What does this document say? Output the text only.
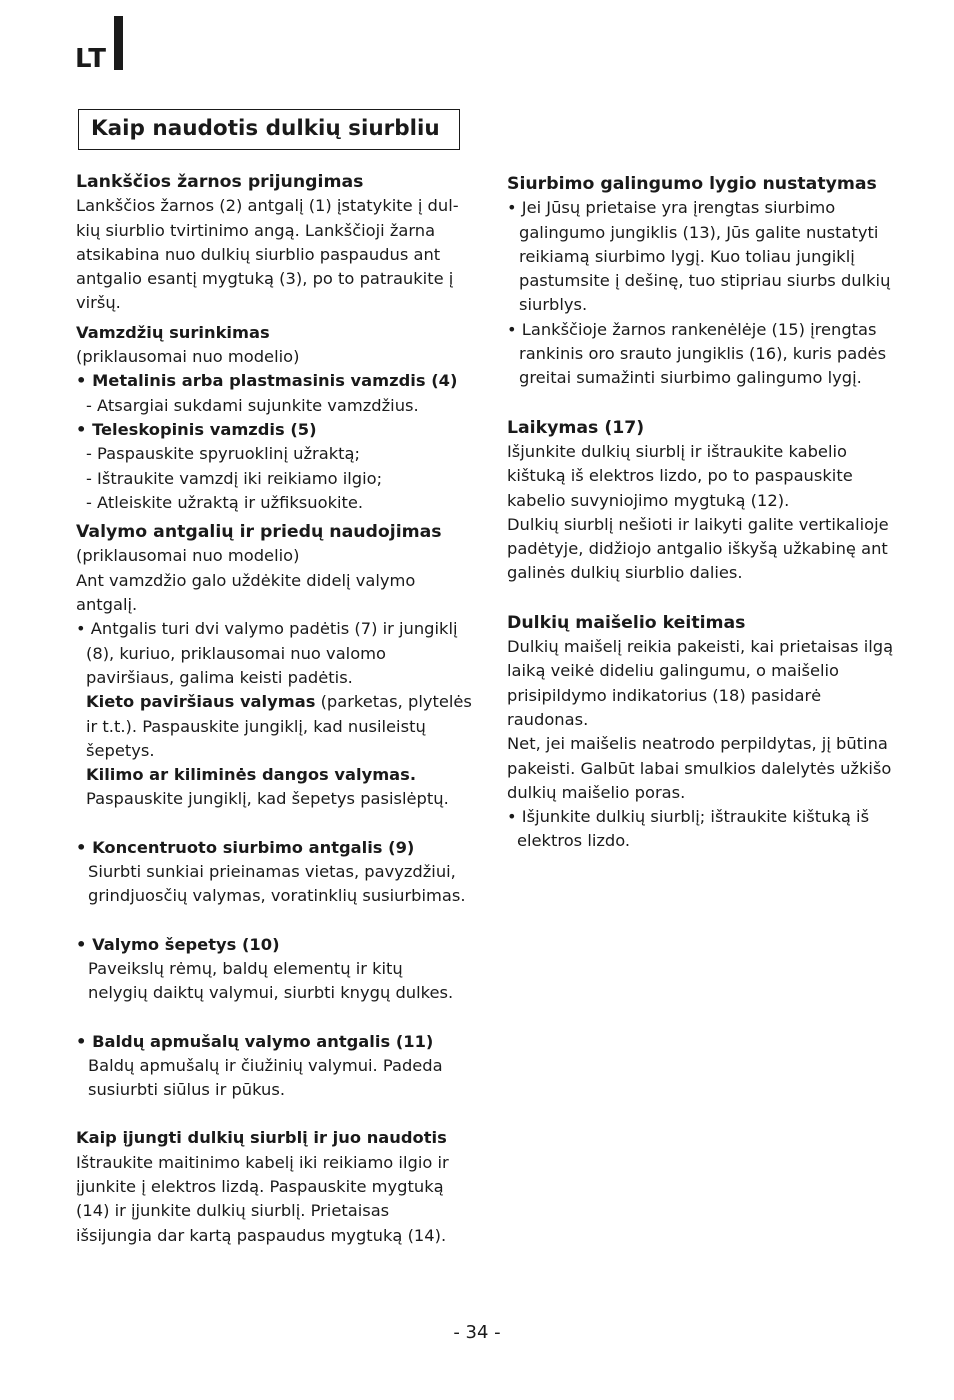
LT
Kaip naudotis dulkių siurbliu

Lankščios žarnos prijungimas

Lankščios žarnos (2) antgalį (1) įstatykite į dul-

kių siurblio tvirtinimo angą. Lankščioji žarna

atsikabina nuo dulkių siurblio paspaudus ant

antgalio esantį mygtuką (3), po to patraukite į

viršų.

Vamzdžių surinkimas

(priklausomai nuo modelio)

• Metalinis arba plastmasinis vamzdis (4)

- Atsargiai sukdami sujunkite vamzdžius.

• Teleskopinis vamzdis (5)

- Paspauskite spyruoklinį užraktą;

- Ištraukite vamzdį iki reikiamo ilgio;

- Atleiskite užraktą ir užfiksuokite.

Valymo antgalių ir priedų naudojimas

(priklausomai nuo modelio)

Ant vamzdžio galo uždėkite didelį valymo

antgalį.

• Antgalis turi dvi valymo padėtis (7) ir jungiklį

(8), kuriuo, priklausomai nuo valomo

paviršiaus, galima keisti padėtis.

Kieto paviršiaus valymas (parketas, plytelės

ir t.t.). Paspauskite jungiklį, kad nusileistų

šepetys.

Kilimo ar kiliminės dangos valymas.

Paspauskite jungiklį, kad šepetys pasislėptų.

• Koncentruoto siurbimo antgalis (9)

Siurbti sunkiai prieinamas vietas, pavyzdžiui,

grindjuosčių valymas, voratinklių susiurbimas.

• Valymo šepetys (10)

Paveikslų rėmų, baldų elementų ir kitų

nelygių daiktų valymui, siurbti knygų dulkes.

• Baldų apmušalų valymo antgalis (11)

Baldų apmušalų ir čiužinių valymui. Padeda

susiurbti siūlus ir pūkus.

Kaip įjungti dulkių siurblį ir juo naudotis

Ištraukite maitinimo kabelį iki reikiamo ilgio ir

įjunkite į elektros lizdą. Paspauskite mygtuką

(14) ir įjunkite dulkių siurblį. Prietaisas

išsijungia dar kartą paspaudus mygtuką (14).

Siurbimo galingumo lygio nustatymas

• Jei Jūsų prietaise yra įrengtas siurbimo

galingumo jungiklis (13), Jūs galite nustatyti

reikiamą siurbimo lygį. Kuo toliau jungiklį

pastumsite į dešinę, tuo stipriau siurbs dulkių

siurblys.

• Lankščioje žarnos rankenėlėje (15) įrengtas

rankinis oro srauto jungiklis (16), kuris padės

greitai sumažinti siurbimo galingumo lygį.

Laikymas (17)

Išjunkite dulkių siurblį ir ištraukite kabelio

kištuką iš elektros lizdo, po to paspauskite

kabelio suvyniojimo mygtuką (12).

Dulkių siurblį nešioti ir laikyti galite vertikalioje

padėtyje, didžiojo antgalio iškyšą užkabinę ant

galinės dulkių siurblio dalies.

Dulkių maišelio keitimas

Dulkių maišelį reikia pakeisti, kai prietaisas ilgą

laiką veikė dideliu galingumu, o maišelio

prisipildymo indikatorius (18) pasidarė

raudonas.

Net, jei maišelis neatrodo perpildytas, jį būtina

pakeisti. Galbūt labai smulkios dalelytės užkišo

dulkių maišelio poras.

• Išjunkite dulkių siurblį; ištraukite kištuką iš

elektros lizdo.

- 34 -
